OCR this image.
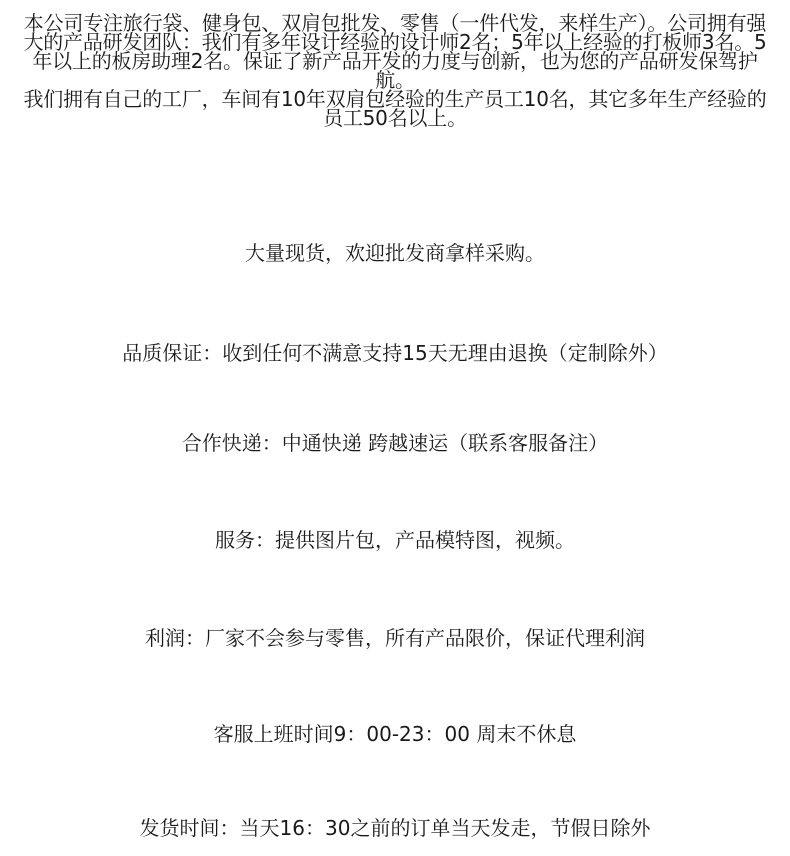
本公司专注旅行袋、健身包、双肩包批发、零售（一件代发，来样生产）。公司拥有强大的产品研发团队：我们有多年设计经验的设计师2名；5年以上经验的打板师3名。5年以上的板房助理2名。保证了新产品开发的力度与创新，也为您的产品研发保驾护航。

我们拥有自己的工厂，车间有10年双肩包经验的生产员工10名，其它多年生产经验的员工50名以上。

大量现货，欢迎批发商拿样采购。
品质保证：收到任何不满意支持15天无理由退换（定制除外）
合作快递：中通快递 跨越速运（联系客服备注）
服务：提供图片包，产品模特图，视频。
利润：厂家不会参与零售，所有产品限价，保证代理利润
客服上班时间9：00-23：00 周末不休息
发货时间：当天16：30之前的订单当天发走，节假日除外
